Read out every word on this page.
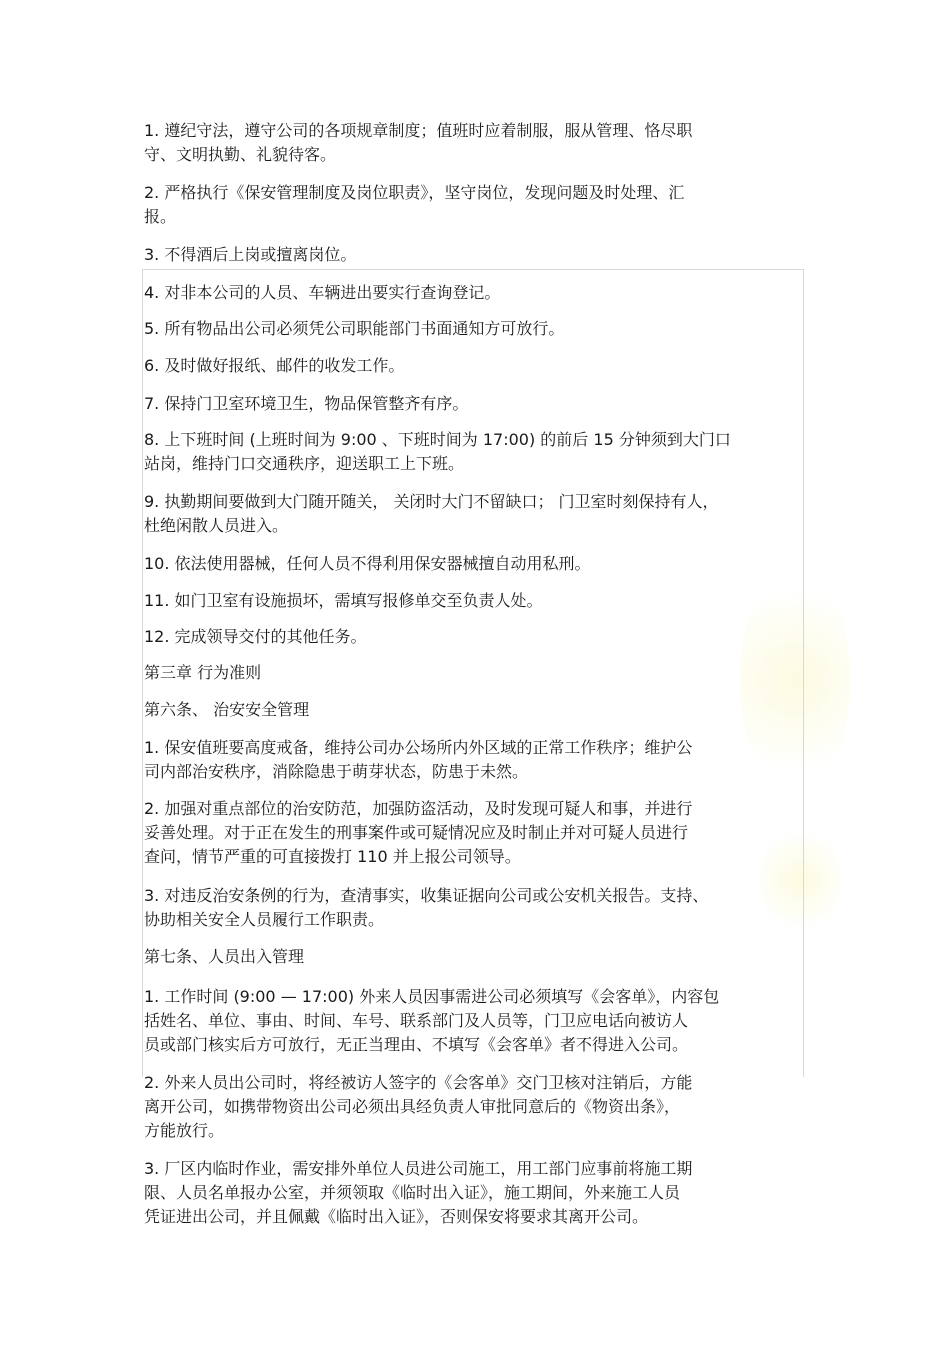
1. 遵纪守法，遵守公司的各项规章制度；值班时应着制服，服从管理、恪尽职
守、文明执勤、礼貌待客。
2. 严格执行《保安管理制度及岗位职责》，坚守岗位，发现问题及时处理、汇
报。
3. 不得酒后上岗或擅离岗位。
4. 对非本公司的人员、车辆进出要实行查询登记。
5. 所有物品出公司必须凭公司职能部门书面通知方可放行。
6. 及时做好报纸、邮件的收发工作。
7. 保持门卫室环境卫生，物品保管整齐有序。
8. 上下班时间 (上班时间为 9:00 、下班时间为 17:00) 的前后 15 分钟须到大门口
站岗，维持门口交通秩序，迎送职工上下班。
9. 执勤期间要做到大门随开随关， 关闭时大门不留缺口； 门卫室时刻保持有人，
杜绝闲散人员进入。
10. 依法使用器械，任何人员不得利用保安器械擅自动用私刑。
11. 如门卫室有设施损坏，需填写报修单交至负责人处。
12. 完成领导交付的其他任务。
第三章 行为准则
第六条、 治安安全管理
1. 保安值班要高度戒备，维持公司办公场所内外区域的正常工作秩序；维护公
司内部治安秩序，消除隐患于萌芽状态，防患于未然。
2. 加强对重点部位的治安防范，加强防盗活动，及时发现可疑人和事，并进行
妥善处理。对于正在发生的刑事案件或可疑情况应及时制止并对可疑人员进行
查问，情节严重的可直接拨打 110 并上报公司领导。
3. 对违反治安条例的行为，查清事实，收集证据向公司或公安机关报告。支持、
协助相关安全人员履行工作职责。
第七条、人员出入管理
1. 工作时间 (9:00 — 17:00) 外来人员因事需进公司必须填写《会客单》，内容包
括姓名、单位、事由、时间、车号、联系部门及人员等，门卫应电话向被访人
员或部门核实后方可放行，无正当理由、不填写《会客单》者不得进入公司。
2. 外来人员出公司时，将经被访人签字的《会客单》交门卫核对注销后，方能
离开公司，如携带物资出公司必须出具经负责人审批同意后的《物资出条》，
方能放行。
3. 厂区内临时作业，需安排外单位人员进公司施工，用工部门应事前将施工期
限、人员名单报办公室，并须领取《临时出入证》，施工期间，外来施工人员
凭证进出公司，并且佩戴《临时出入证》，否则保安将要求其离开公司。
